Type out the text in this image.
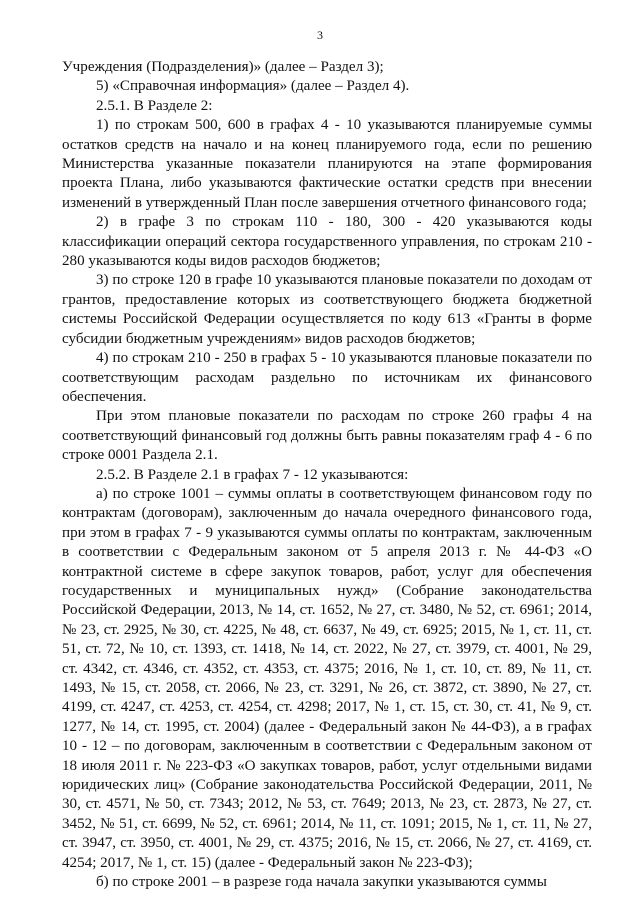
3

Учреждения (Подразделения)» (далее – Раздел 3);

5) «Справочная информация» (далее – Раздел 4).

2.5.1. В Разделе 2:

1) по строкам 500, 600 в графах 4 - 10 указываются планируемые суммы остатков средств на начало и на конец планируемого года, если по решению Министерства указанные показатели планируются на этапе формирования проекта Плана, либо указываются фактические остатки средств при внесении изменений в утвержденный План после завершения отчетного финансового года;

2) в графе 3 по строкам 110 - 180, 300 - 420 указываются коды классификации операций сектора государственного управления, по строкам 210 - 280 указываются коды видов расходов бюджетов;

3) по строке 120 в графе 10 указываются плановые показатели по доходам от грантов, предоставление которых из соответствующего бюджета бюджетной системы Российской Федерации осуществляется по коду 613 «Гранты в форме субсидии бюджетным учреждениям» видов расходов бюджетов;

4) по строкам 210 - 250 в графах 5 - 10 указываются плановые показатели по соответствующим расходам раздельно по источникам их финансового обеспечения.

При этом плановые показатели по расходам по строке 260 графы 4 на соответствующий финансовый год должны быть равны показателям граф 4 - 6 по строке 0001 Раздела 2.1.

2.5.2. В Разделе 2.1 в графах 7 - 12 указываются:

а) по строке 1001 – суммы оплаты в соответствующем финансовом году по контрактам (договорам), заключенным до начала очередного финансового года, при этом в графах 7 - 9 указываются суммы оплаты по контрактам, заключенным в соответствии с Федеральным законом от 5 апреля 2013 г. № 44-ФЗ «О контрактной системе в сфере закупок товаров, работ, услуг для обеспечения государственных и муниципальных нужд» (Собрание законодательства Российской Федерации, 2013, № 14, ст. 1652, № 27, ст. 3480, № 52, ст. 6961; 2014, № 23, ст. 2925, № 30, ст. 4225, № 48, ст. 6637, № 49, ст. 6925; 2015, № 1, ст. 11, ст. 51, ст. 72, № 10, ст. 1393, ст. 1418, № 14, ст. 2022, № 27, ст. 3979, ст. 4001, № 29, ст. 4342, ст. 4346, ст. 4352, ст. 4353, ст. 4375; 2016, № 1, ст. 10, ст. 89, № 11, ст. 1493, № 15, ст. 2058, ст. 2066, № 23, ст. 3291, № 26, ст. 3872, ст. 3890, № 27, ст. 4199, ст. 4247, ст. 4253, ст. 4254, ст. 4298; 2017, № 1, ст. 15, ст. 30, ст. 41, № 9, ст. 1277, № 14, ст. 1995, ст. 2004) (далее - Федеральный закон № 44-ФЗ), а в графах 10 - 12 – по договорам, заключенным в соответствии с Федеральным законом от 18 июля 2011 г. № 223-ФЗ «О закупках товаров, работ, услуг отдельными видами юридических лиц» (Собрание законодательства Российской Федерации, 2011, № 30, ст. 4571, № 50, ст. 7343; 2012, № 53, ст. 7649; 2013, № 23, ст. 2873, № 27, ст. 3452, № 51, ст. 6699, № 52, ст. 6961; 2014, № 11, ст. 1091; 2015, № 1, ст. 11, № 27, ст. 3947, ст. 3950, ст. 4001, № 29, ст. 4375; 2016, № 15, ст. 2066, № 27, ст. 4169, ст. 4254; 2017, № 1, ст. 15) (далее - Федеральный закон № 223-ФЗ);

б) по строке 2001 – в разрезе года начала закупки указываются суммы
